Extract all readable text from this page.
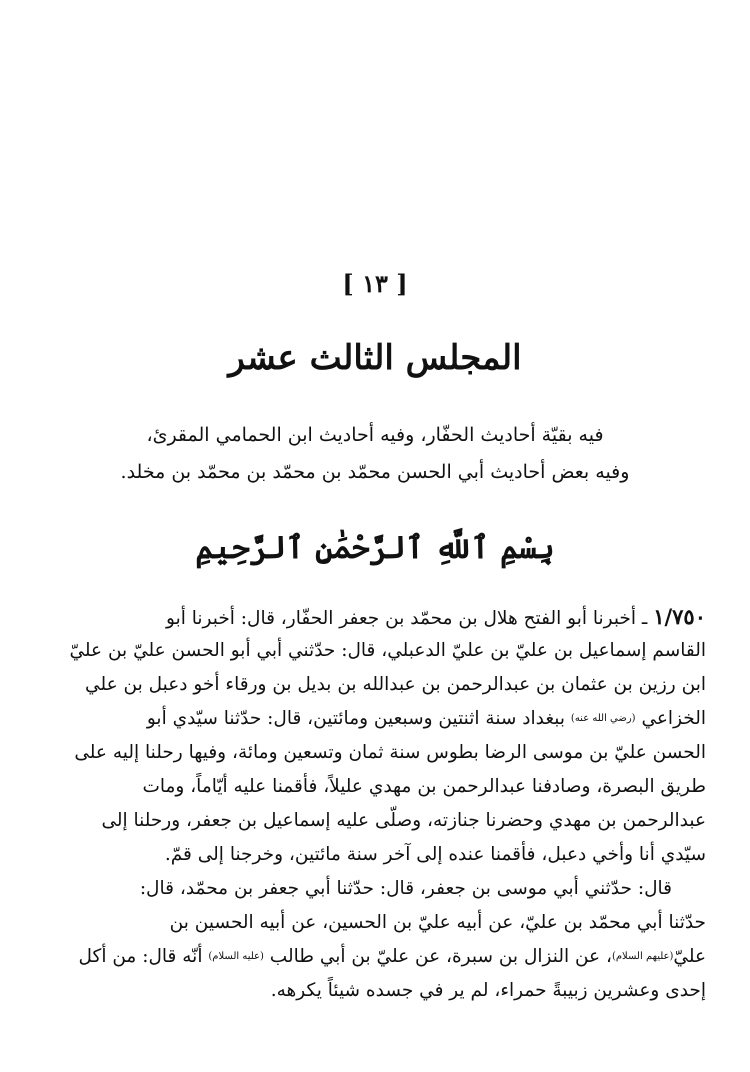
[ ١٣ ]
المجلس الثالث عشر
فيه بقيّة أحاديث الحفّار، وفيه أحاديث ابن الحمامي المقرئ،
وفيه بعض أحاديث أبي الحسن محمّد بن محمّد بن محمّد بن مخلد.
بِسْمِ ٱللَّهِ ٱلرَّحْمَٰنِ ٱلرَّحِيمِ
١/٧٥٠ ـ أخبرنا أبو الفتح هلال بن محمّد بن جعفر الحفّار، قال: أخبرنا أبو
القاسم إسماعيل بن عليّ بن عليّ الدعبلي، قال: حدّثني أبي أبو الحسن عليّ بن عليّ
ابن رزين بن عثمان بن عبدالرحمن بن عبدالله بن بديل بن ورقاء أخو دعبل بن علي
الخزاعي (رضي الله عنه) ببغداد سنة اثنتين وسبعين ومائتين، قال: حدّثنا سيّدي أبو
الحسن عليّ بن موسى الرضا بطوس سنة ثمان وتسعين ومائة، وفيها رحلنا إليه على
طريق البصرة، وصادفنا عبدالرحمن بن مهدي عليلاً، فأقمنا عليه أيّاماً، ومات
عبدالرحمن بن مهدي وحضرنا جنازته، وصلّى عليه إسماعيل بن جعفر، ورحلنا إلى
سيّدي أنا وأخي دعبل، فأقمنا عنده إلى آخر سنة مائتين، وخرجنا إلى قمّ.
قال: حدّثني أبي موسى بن جعفر، قال: حدّثنا أبي جعفر بن محمّد، قال:
حدّثنا أبي محمّد بن عليّ، عن أبيه عليّ بن الحسين، عن أبيه الحسين بن
عليّ(عليهم السلام)، عن النزال بن سبرة، عن عليّ بن أبي طالب (عليه السلام) أنّه قال: من أكل
إحدى وعشرين زبيبةً حمراء، لم ير في جسده شيئاً يكرهه.
